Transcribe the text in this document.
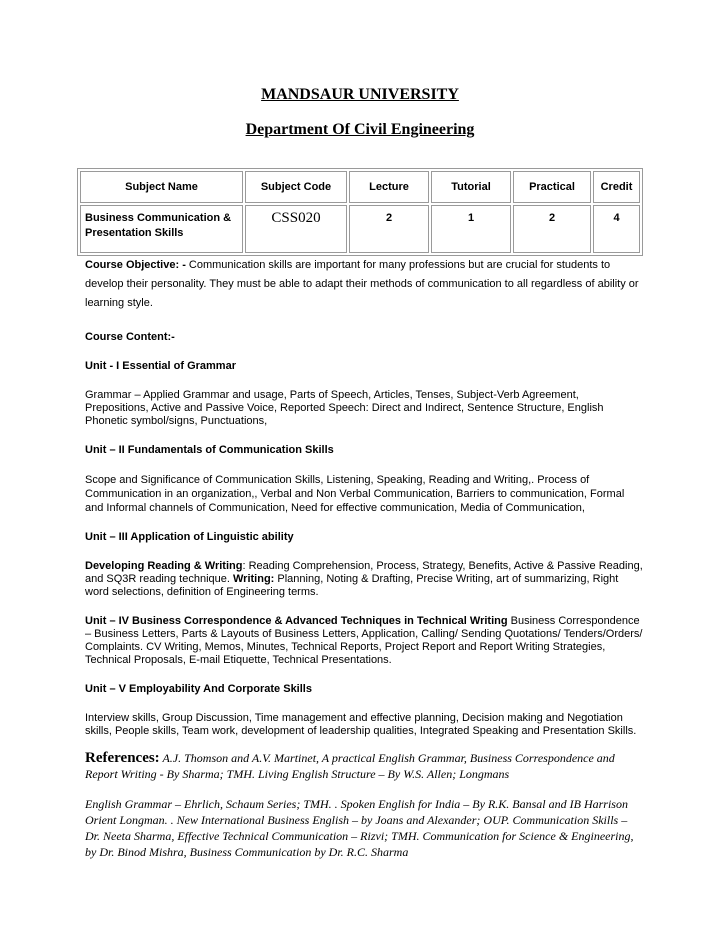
MANDSAUR UNIVERSITY
Department Of Civil Engineering
Subject Name	Subject Code	Lecture	Tutorial	Practical	Credit
Business Communication & Presentation Skills	CSS020	2	1	2	4

Course Objective: - Communication skills are important for many professions but are crucial for students to develop their personality. They must be able to adapt their methods of communication to all regardless of ability or learning style.

Course Content:-

Unit - I Essential of Grammar

Grammar – Applied Grammar and usage, Parts of Speech, Articles, Tenses, Subject-Verb Agreement, Prepositions, Active and Passive Voice, Reported Speech: Direct and Indirect, Sentence Structure, English Phonetic symbol/signs, Punctuations,

Unit – II Fundamentals of Communication Skills

Scope and Significance of Communication Skills, Listening, Speaking, Reading and Writing,. Process of Communication in an organization,, Verbal and Non Verbal Communication, Barriers to communication, Formal and Informal channels of Communication, Need for effective communication, Media of Communication,

Unit – III Application of Linguistic ability

Developing Reading & Writing: Reading Comprehension, Process, Strategy, Benefits, Active & Passive Reading, and SQ3R reading technique. Writing: Planning, Noting & Drafting, Precise Writing, art of summarizing, Right word selections, definition of Engineering terms.

Unit – IV Business Correspondence & Advanced Techniques in Technical Writing Business Correspondence – Business Letters, Parts & Layouts of Business Letters, Application, Calling/ Sending Quotations/ Tenders/Orders/ Complaints. CV Writing, Memos, Minutes, Technical Reports, Project Report and Report Writing Strategies, Technical Proposals, E-mail Etiquette, Technical Presentations.

Unit – V Employability And Corporate Skills

Interview skills, Group Discussion, Time management and effective planning, Decision making and Negotiation skills, People skills, Team work, development of leadership qualities, Integrated Speaking and Presentation Skills.

References: A.J. Thomson and A.V. Martinet, A practical English Grammar, Business Correspondence and Report Writing - By Sharma; TMH. Living English Structure – By W.S. Allen; Longmans

English Grammar – Ehrlich, Schaum Series; TMH. . Spoken English for India – By R.K. Bansal and IB Harrison Orient Longman. . New International Business English – by Joans and Alexander; OUP. Communication Skills – Dr. Neeta Sharma, Effective Technical Communication – Rizvi; TMH. Communication for Science & Engineering, by Dr. Binod Mishra, Business Communication by Dr. R.C. Sharma
